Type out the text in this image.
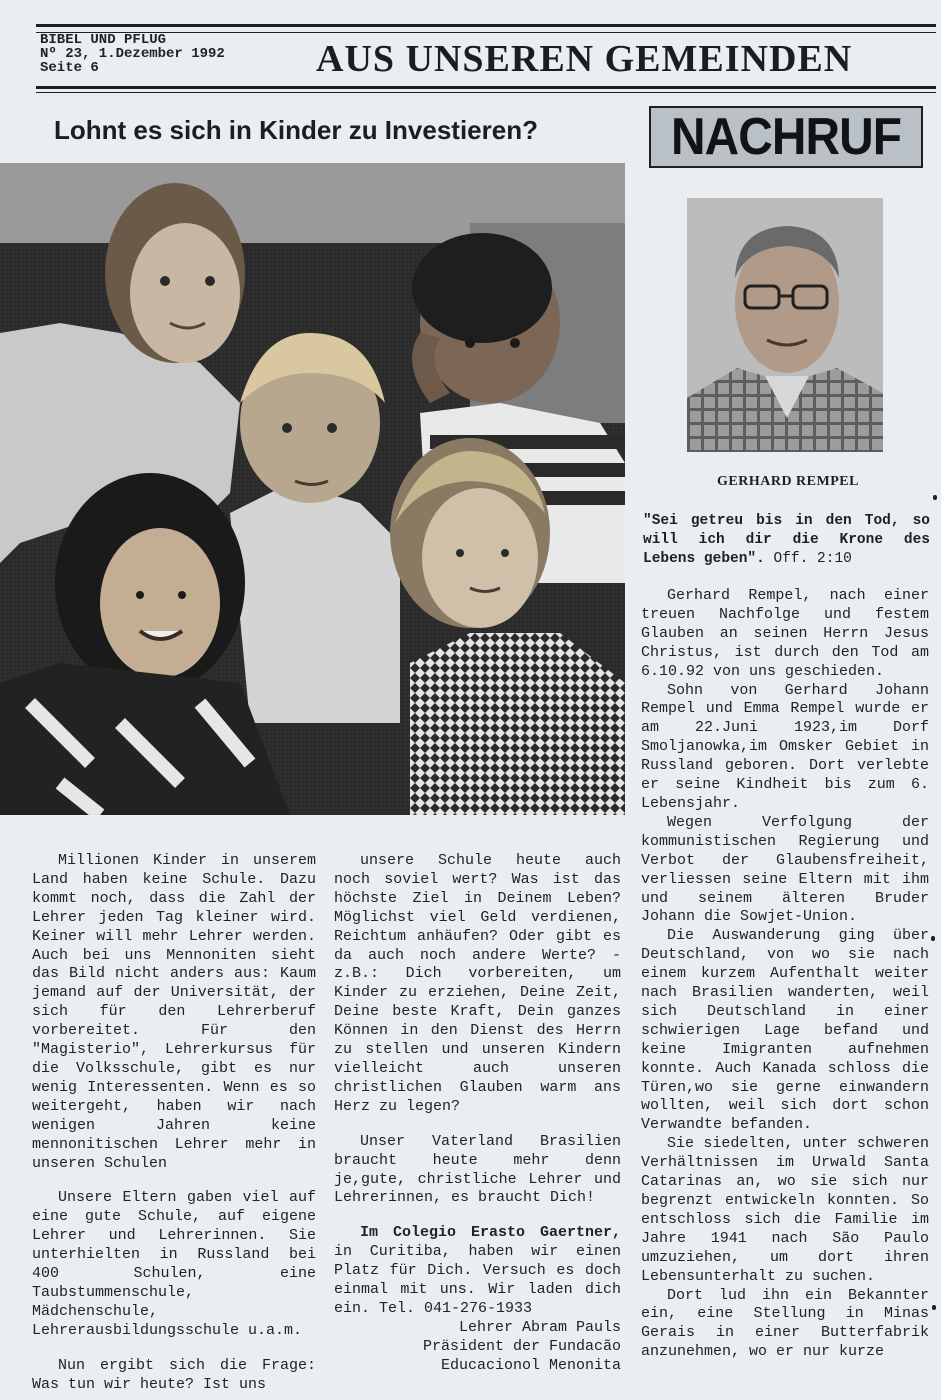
BIBEL UND PFLUG
Nº 23, 1.Dezember 1992
Seite 6	AUS UNSEREN GEMEINDEN
Lohnt es sich in Kinder zu Investieren?	NACHRUF
GERHARD REMPEL
"Sei getreu bis in den Tod, so will ich dir die Krone des Lebens geben". Off. 2:10

Millionen Kinder in unserem Land haben keine Schule. Dazu kommt noch, dass die Zahl der Lehrer jeden Tag kleiner wird. Keiner will mehr Lehrer werden. Auch bei uns Mennoniten sieht das Bild nicht anders aus: Kaum jemand auf der Universität, der sich für den Lehrerberuf vorbereitet. Für den "Magisterio", Lehrerkursus für die Volksschule, gibt es nur wenig Interessenten. Wenn es so weitergeht, haben wir nach wenigen Jahren keine mennonitischen Lehrer mehr in unseren Schulen

Unsere Eltern gaben viel auf eine gute Schule, auf eigene Lehrer und Lehrerinnen. Sie unterhielten in Russland bei 400 Schulen, eine Taubstummenschule, Mädchenschule, Lehrerausbildungsschule u.a.m.

Nun ergibt sich die Frage: Was tun wir heute? Ist uns

unsere Schule heute auch noch soviel wert? Was ist das höchste Ziel in Deinem Leben? Möglichst viel Geld verdienen, Reichtum anhäufen? Oder gibt es da auch noch andere Werte? - z.B.: Dich vorbereiten, um Kinder zu erziehen, Deine Zeit, Deine beste Kraft, Dein ganzes Können in den Dienst des Herrn zu stellen und unseren Kindern vielleicht auch unseren christlichen Glauben warm ans Herz zu legen?

Unser Vaterland Brasilien braucht heute mehr denn je,gute, christliche Lehrer und Lehrerinnen, es braucht Dich!

Im Colegio Erasto Gaertner, in Curitiba, haben wir einen Platz für Dich. Versuch es doch einmal mit uns. Wir laden dich ein. Tel. 041-276-1933

Lehrer Abram Pauls
Präsident der Fundacão
Educacionol Menonita

Gerhard Rempel, nach einer treuen Nachfolge und festem Glauben an seinen Herrn Jesus Christus, ist durch den Tod am 6.10.92 von uns geschieden.

Sohn von Gerhard Johann Rempel und Emma Rempel wurde er am 22.Juni 1923,im Dorf Smoljanowka,im Omsker Gebiet in Russland geboren. Dort verlebte er seine Kindheit bis zum 6. Lebensjahr.

Wegen Verfolgung der kommunistischen Regierung und Verbot der Glaubensfreiheit, verliessen seine Eltern mit ihm und seinem älteren Bruder Johann die Sowjet-Union.

Die Auswanderung ging über Deutschland, von wo sie nach einem kurzem Aufenthalt weiter nach Brasilien wanderten, weil sich Deutschland in einer schwierigen Lage befand und keine Imigranten aufnehmen konnte. Auch Kanada schloss die Türen,wo sie gerne einwandern wollten, weil sich dort schon Verwandte befanden.

Sie siedelten, unter schweren Verhältnissen im Urwald Santa Catarinas an, wo sie sich nur begrenzt entwickeln konnten. So entschloss sich die Familie im Jahre 1941 nach São Paulo umzuziehen, um dort ihren Lebensunterhalt zu suchen.

Dort lud ihn ein Bekannter ein, eine Stellung in Minas Gerais in einer Butterfabrik anzunehmen, wo er nur kurze
